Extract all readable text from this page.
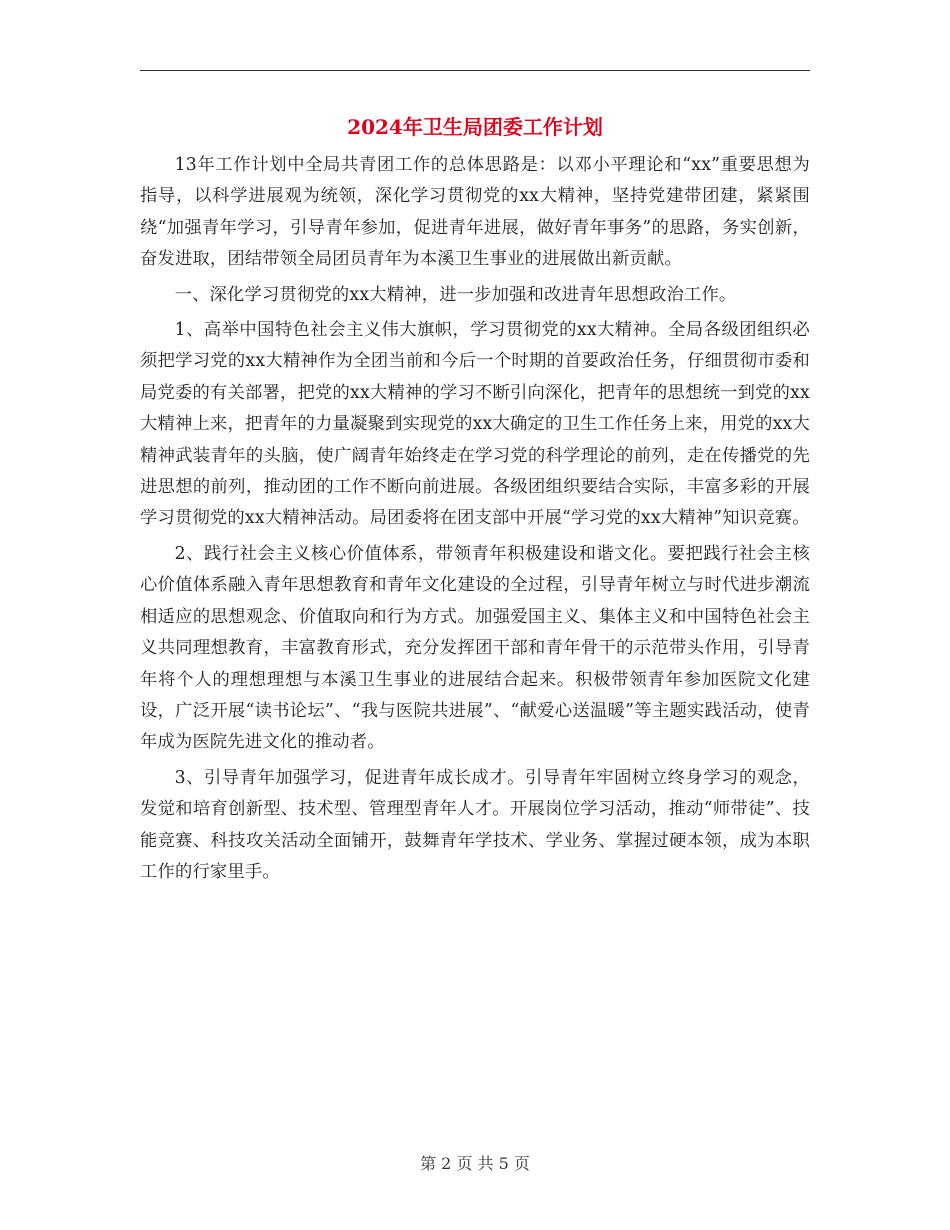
2024年卫生局团委工作计划

13年工作计划中全局共青团工作的总体思路是：以邓小平理论和“xx”重要思想为指导，以科学进展观为统领，深化学习贯彻党的xx大精神，坚持党建带团建，紧紧围绕“加强青年学习，引导青年参加，促进青年进展，做好青年事务”的思路，务实创新，奋发进取，团结带领全局团员青年为本溪卫生事业的进展做出新贡献。

一、深化学习贯彻党的xx大精神，进一步加强和改进青年思想政治工作。

1、高举中国特色社会主义伟大旗帜，学习贯彻党的xx大精神。全局各级团组织必须把学习党的xx大精神作为全团当前和今后一个时期的首要政治任务，仔细贯彻市委和局党委的有关部署，把党的xx大精神的学习不断引向深化，把青年的思想统一到党的xx大精神上来，把青年的力量凝聚到实现党的xx大确定的卫生工作任务上来，用党的xx大精神武装青年的头脑，使广阔青年始终走在学习党的科学理论的前列，走在传播党的先进思想的前列，推动团的工作不断向前进展。各级团组织要结合实际，丰富多彩的开展学习贯彻党的xx大精神活动。局团委将在团支部中开展“学习党的xx大精神”知识竞赛。

2、践行社会主义核心价值体系，带领青年积极建设和谐文化。要把践行社会主核心价值体系融入青年思想教育和青年文化建设的全过程，引导青年树立与时代进步潮流相适应的思想观念、价值取向和行为方式。加强爱国主义、集体主义和中国特色社会主义共同理想教育，丰富教育形式，充分发挥团干部和青年骨干的示范带头作用，引导青年将个人的理想理想与本溪卫生事业的进展结合起来。积极带领青年参加医院文化建设，广泛开展“读书论坛”、“我与医院共进展”、“献爱心送温暖”等主题实践活动，使青年成为医院先进文化的推动者。

3、引导青年加强学习，促进青年成长成才。引导青年牢固树立终身学习的观念，发觉和培育创新型、技术型、管理型青年人才。开展岗位学习活动，推动“师带徒”、技能竞赛、科技攻关活动全面铺开，鼓舞青年学技术、学业务、掌握过硬本领，成为本职工作的行家里手。

第 2 页 共 5 页
